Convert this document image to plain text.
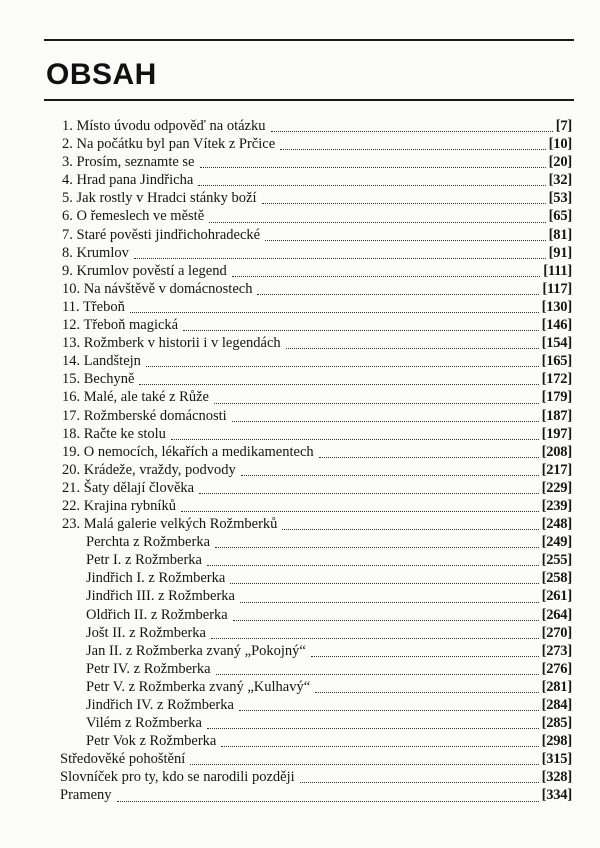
OBSAH
1. Místo úvodu odpověď na otázku	[7]
2. Na počátku byl pan Vítek z Prčice	[10]
3. Prosím, seznamte se	[20]
4. Hrad pana Jindřicha	[32]
5. Jak rostly v Hradci stánky boží	[53]
6. O řemeslech ve městě	[65]
7. Staré pověsti jindřichohradecké	[81]
8. Krumlov	[91]
9. Krumlov pověstí a legend	[111]
10. Na návštěvě v domácnostech	[117]
11. Třeboň	[130]
12. Třeboň magická	[146]
13. Rožmberk v historii i v legendách	[154]
14. Landštejn	[165]
15. Bechyně	[172]
16. Malé, ale také z Růže	[179]
17. Rožmberské domácnosti	[187]
18. Račte ke stolu	[197]
19. O nemocích, lékařích a medikamentech	[208]
20. Krádeže, vraždy, podvody	[217]
21. Šaty dělají člověka	[229]
22. Krajina rybníků	[239]
23. Malá galerie velkých Rožmberků	[248]
Perchta z Rožmberka	[249]
Petr I. z Rožmberka	[255]
Jindřich I. z Rožmberka	[258]
Jindřich III. z Rožmberka	[261]
Oldřich II. z Rožmberka	[264]
Jošt II. z Rožmberka	[270]
Jan II. z Rožmberka zvaný „Pokojný“	[273]
Petr IV. z Rožmberka	[276]
Petr V. z Rožmberka zvaný „Kulhavý“	[281]
Jindřich IV. z Rožmberka	[284]
Vilém z Rožmberka	[285]
Petr Vok z Rožmberka	[298]
Středověké pohoštění	[315]
Slovníček pro ty, kdo se narodili později	[328]
Prameny	[334]
